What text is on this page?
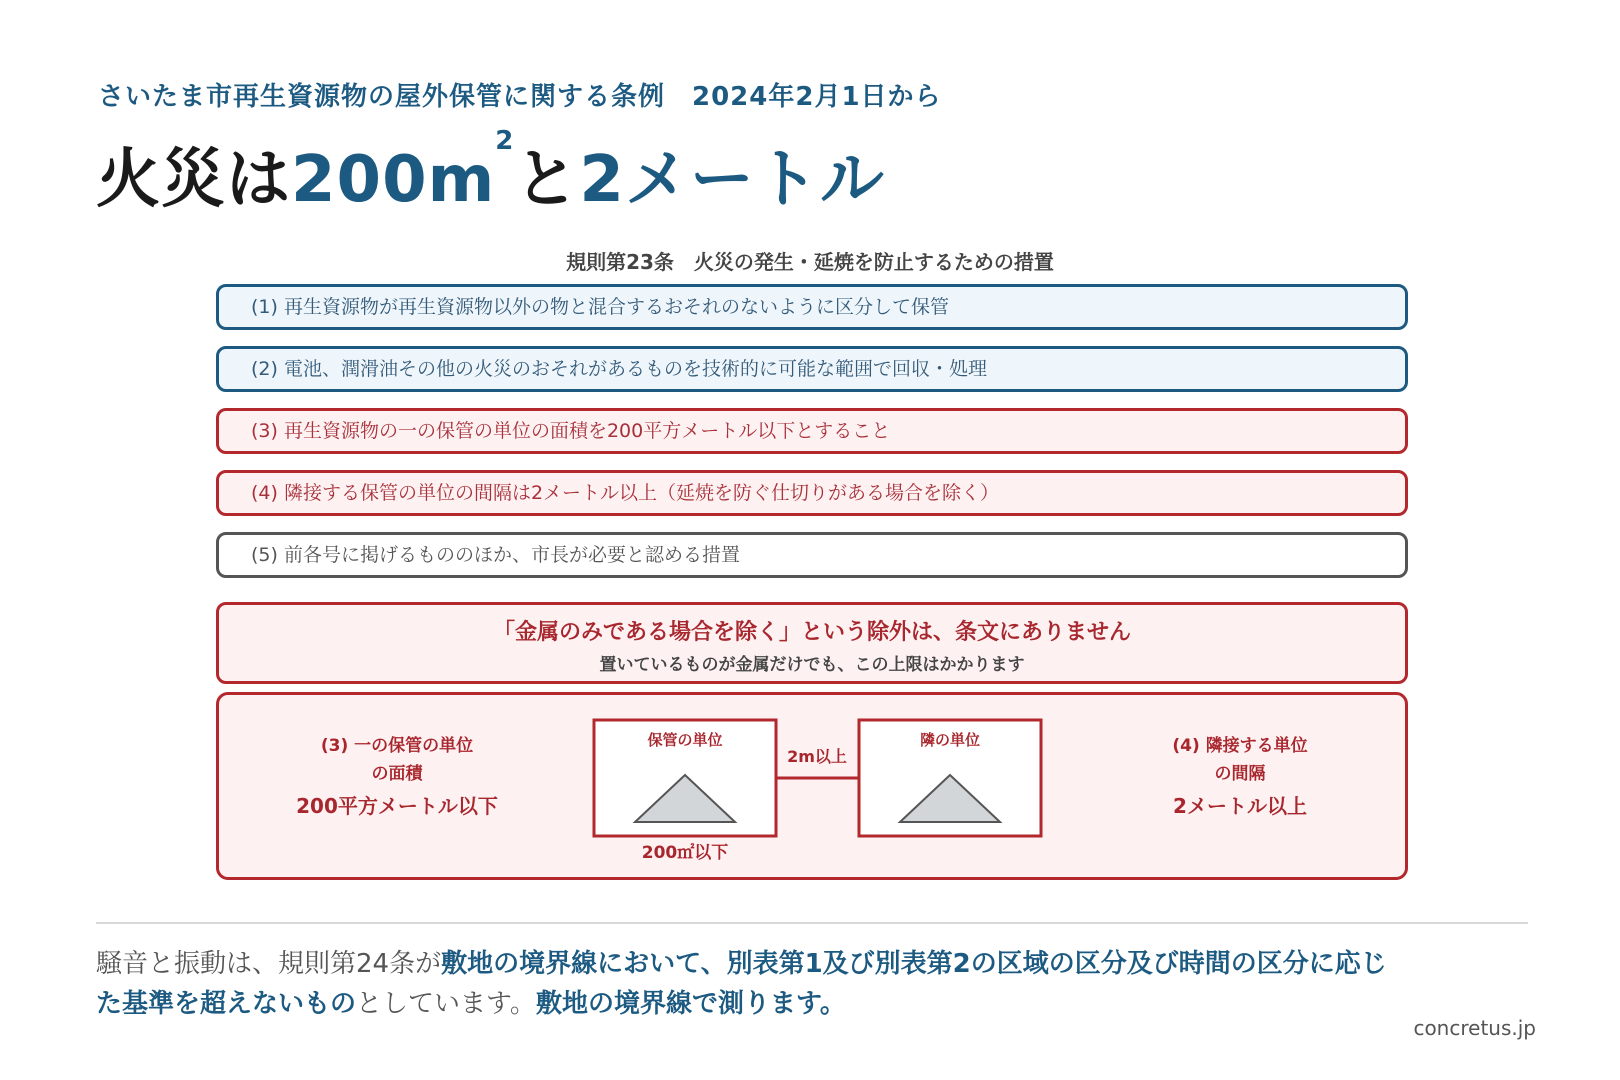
さいたま市再生資源物の屋外保管に関する条例　2024年2月1日から
火災は$200m^2$と2メートル
規則第23条　火災の発生・延焼を防止するための措置
(1) 再生資源物が再生資源物以外の物と混合するおそれのないように区分して保管
(2) 電池、潤滑油その他の火災のおそれがあるものを技術的に可能な範囲で回収・処理
(3) 再生資源物の一の保管の単位の面積を200平方メートル以下とすること
(4) 隣接する保管の単位の間隔は2メートル以上（延焼を防ぐ仕切りがある場合を除く）
(5) 前各号に掲げるもののほか、市長が必要と認める措置
「金属のみである場合を除く」という除外は、条文にありません
置いているものが金属だけでも、この上限はかかります
(3) 一の保管の単位
の面積
200平方メートル以下
(4) 隣接する単位
の間隔
2メートル以上
保管の単位	隣の単位
2m以上
200㎡以下
騒音と振動は、規則第24条が敷地の境界線において、別表第1及び別表第2の区域の区分及び時間の区分に応じた基準を超えないものとしています。敷地の境界線で測ります。
concretus.jp
